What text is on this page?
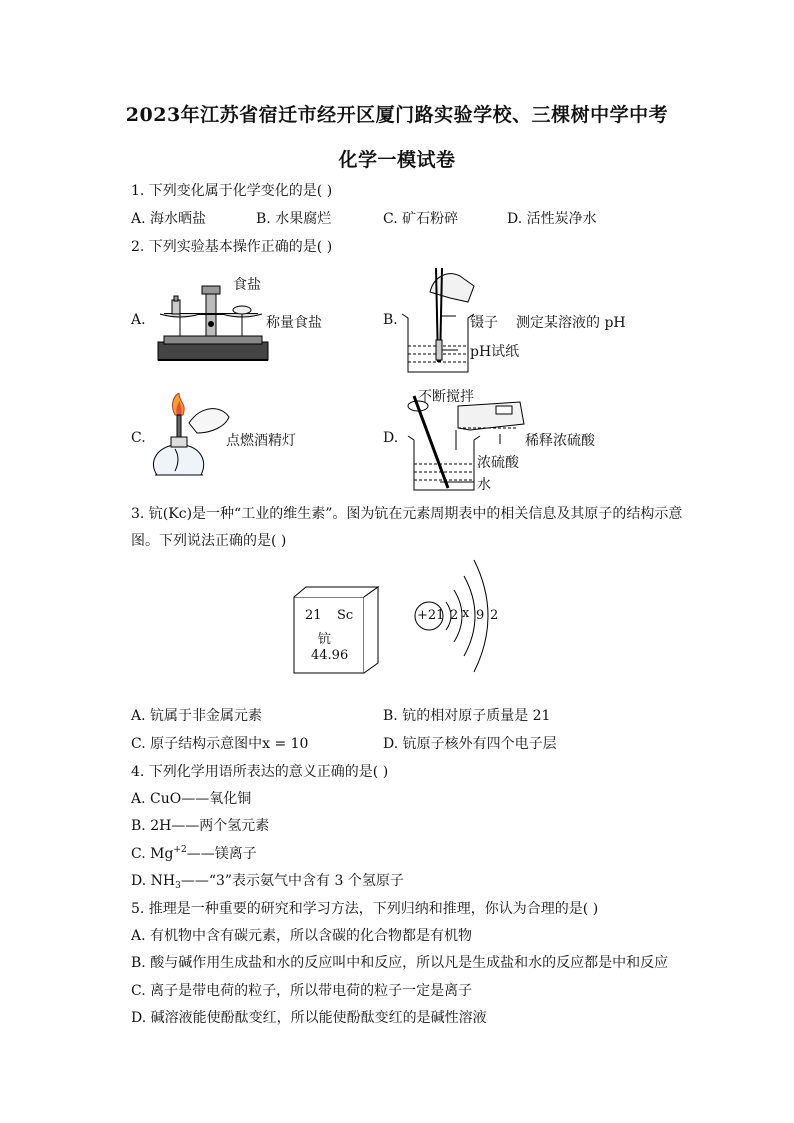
2023年江苏省宿迁市经开区厦门路实验学校、三棵树中学中考
化学一模试卷
1. 下列变化属于化学变化的是( )
A. 海水晒盐	B. 水果腐烂	C. 矿石粉碎	D. 活性炭净水
2. 下列实验基本操作正确的是( )
A.
食盐
称量食盐	B.	镊子 测定某溶液的 pH
pH试纸
C.	点燃酒精灯	D.
不断搅拌
稀释浓硫酸
浓硫酸
水
3. 钪(Kc)是一种“工业的维生素”。图为钪在元素周期表中的相关信息及其原子的结构示意
图。下列说法正确的是( )
21 Sc
钪
44.96
+21 2 x 9 2
A. 钪属于非金属元素	B. 钪的相对原子质量是 21
C. 原子结构示意图中x = 10	D. 钪原子核外有四个电子层
4. 下列化学用语所表达的意义正确的是( )
A. CuO——氧化铜
B. 2H——两个氢元素
C. $Mg^{+2}——$镁离子
D. $NH_3——“3$”表示氨气中含有 3 个氢原子
5. 推理是一种重要的研究和学习方法，下列归纳和推理，你认为合理的是( )
A. 有机物中含有碳元素，所以含碳的化合物都是有机物
B. 酸与碱作用生成盐和水的反应叫中和反应，所以凡是生成盐和水的反应都是中和反应
C. 离子是带电荷的粒子，所以带电荷的粒子一定是离子
D. 碱溶液能使酚酞变红，所以能使酚酞变红的是碱性溶液
